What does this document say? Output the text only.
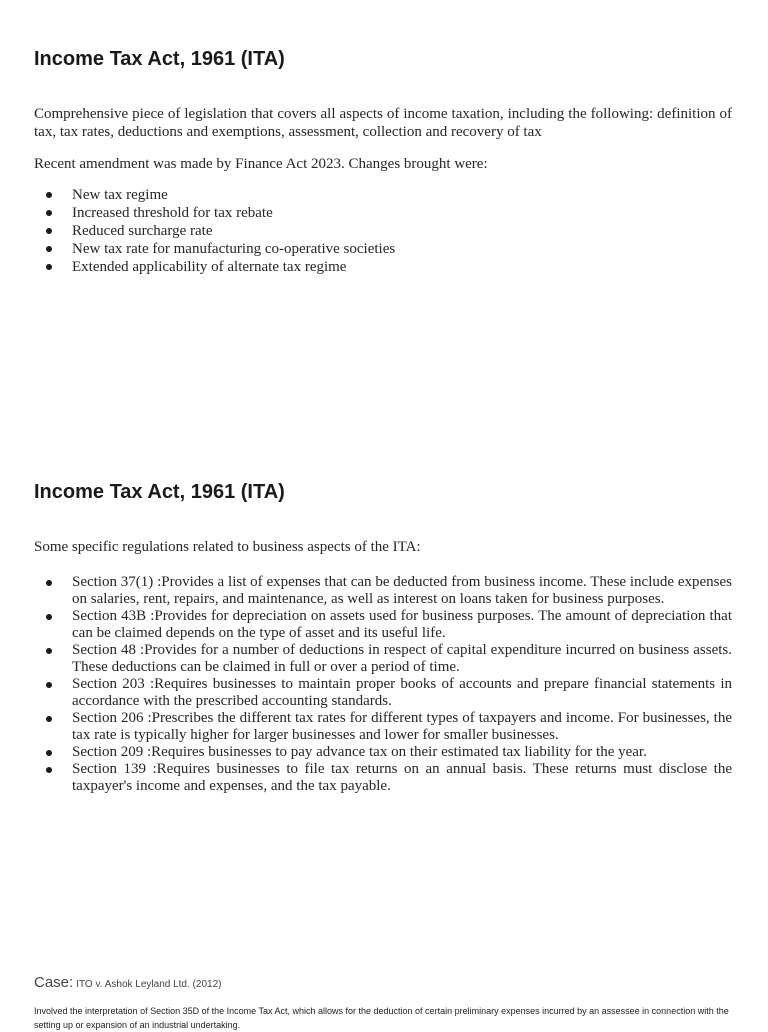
Income Tax Act, 1961 (ITA)

Comprehensive piece of legislation that covers all aspects of income taxation, including the following: definition of tax, tax rates, deductions and exemptions, assessment, collection and recovery of tax

Recent amendment was made by Finance Act 2023. Changes brought were:

New tax regime
Increased threshold for tax rebate
Reduced surcharge rate
New tax rate for manufacturing co-operative societies
Extended applicability of alternate tax regime
Income Tax Act, 1961 (ITA)

Some specific regulations related to business aspects of the ITA:

Section 37(1) :Provides a list of expenses that can be deducted from business income. These include expenses on salaries, rent, repairs, and maintenance, as well as interest on loans taken for business purposes.
Section 43B :Provides for depreciation on assets used for business purposes. The amount of depreciation that can be claimed depends on the type of asset and its useful life.
Section 48 :Provides for a number of deductions in respect of capital expenditure incurred on business assets. These deductions can be claimed in full or over a period of time.
Section 203 :Requires businesses to maintain proper books of accounts and prepare financial statements in accordance with the prescribed accounting standards.
Section 206 :Prescribes the different tax rates for different types of taxpayers and income. For businesses, the tax rate is typically higher for larger businesses and lower for smaller businesses.
Section 209 :Requires businesses to pay advance tax on their estimated tax liability for the year.
Section 139 :Requires businesses to file tax returns on an annual basis. These returns must disclose the taxpayer's income and expenses, and the tax payable.

Case: ITO v. Ashok Leyland Ltd. (2012)

Involved the interpretation of Section 35D of the Income Tax Act, which allows for the deduction of certain preliminary expenses incurred by an assessee in connection with the setting up or expansion of an industrial undertaking.
